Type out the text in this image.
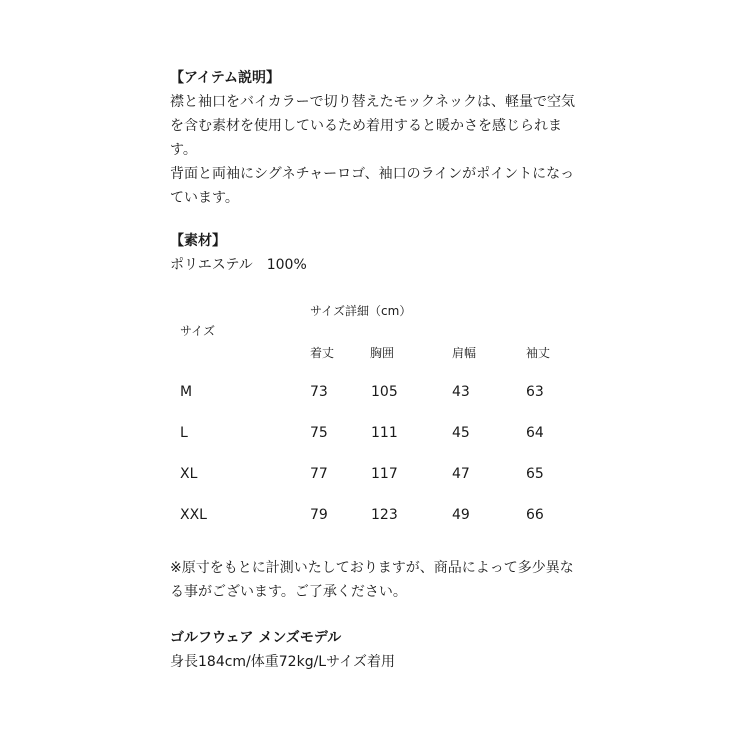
【アイテム説明】
襟と袖口をバイカラーで切り替えたモックネックは、軽量で空気
を含む素材を使用しているため着用すると暖かさを感じられま
す。
背面と両袖にシグネチャーロゴ、袖口のラインがポイントになっ
ています。
【素材】
ポリエステル　100%
サイズ詳細（cm）
サイズ
着丈	胸囲	肩幅	袖丈
M	73	105	43	63
L	75	111	45	64
XL	77	117	47	65
XXL	79	123	49	66
※原寸をもとに計測いたしておりますが、商品によって多少異な
る事がございます。ご了承ください。
ゴルフウェア メンズモデル
身長184cm/体重72kg/Lサイズ着用
